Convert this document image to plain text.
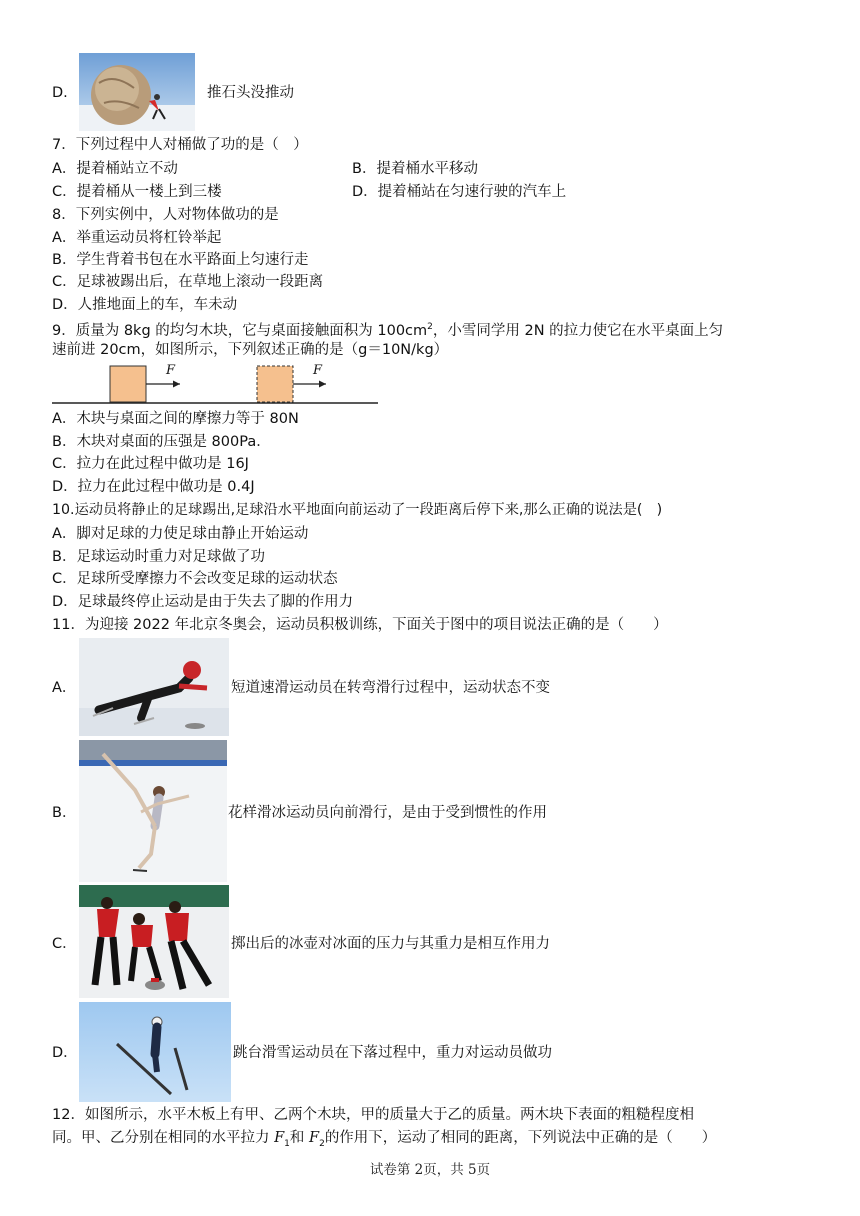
D.	推石头没推动
7．下列过程中人对桶做了功的是（　）
A．提着桶站立不动	B．提着桶水平移动
C．提着桶从一楼上到三楼	D．提着桶站在匀速行驶的汽车上
8．下列实例中，人对物体做功的是
A．举重运动员将杠铃举起
B．学生背着书包在水平路面上匀速行走
C．足球被踢出后，在草地上滚动一段距离
D．人推地面上的车，车未动
9．质量为 8kg 的均匀木块，它与桌面接触面积为 $100cm^2$，小雪同学用 2N 的拉力使它在水平桌面上匀
速前进 20cm，如图所示，下列叙述正确的是（g＝10N/kg）
F	F
A．木块与桌面之间的摩擦力等于 80N
B．木块对桌面的压强是 800Pa．
C．拉力在此过程中做功是 16J
D．拉力在此过程中做功是 0.4J
10.运动员将静止的足球踢出,足球沿水平地面向前运动了一段距离后停下来,那么正确的说法是(　)
A．脚对足球的力使足球由静止开始运动
B．足球运动时重力对足球做了功
C．足球所受摩擦力不会改变足球的运动状态
D．足球最终停止运动是由于失去了脚的作用力
11．为迎接 2022 年北京冬奥会，运动员积极训练，下面关于图中的项目说法正确的是（　　）
A．	短道速滑运动员在转弯滑行过程中，运动状态不变
B．	花样滑冰运动员向前滑行，是由于受到惯性的作用
C．	掷出后的冰壶对冰面的压力与其重力是相互作用力
D．	跳台滑雪运动员在下落过程中，重力对运动员做功
12．如图所示，水平木板上有甲、乙两个木块，甲的质量大于乙的质量。两木块下表面的粗糙程度相
同。甲、乙分别在相同的水平拉力 $F_1$和 $F_2$的作用下，运动了相同的距离，下列说法中正确的是（　　）
试卷第 2页，共 5页
